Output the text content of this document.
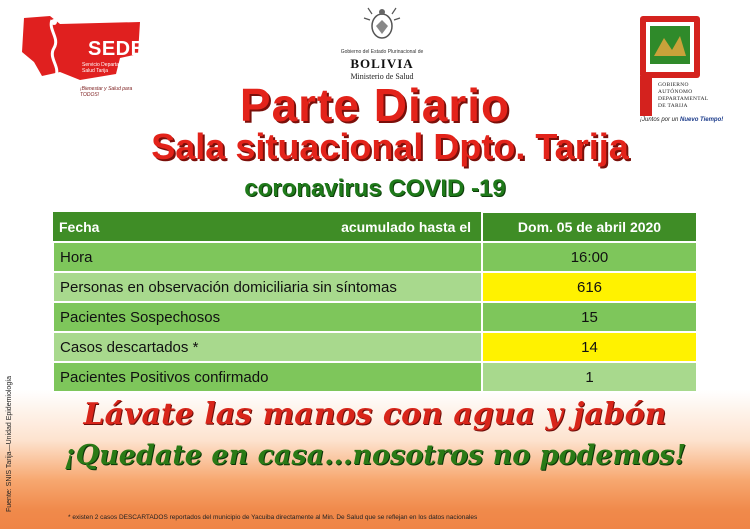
SEDES
Servicio Departamental de Salud Tarija
¡Bienestar y Salud para TODOS!
Gobierno del Estado Plurinacional de
BOLIVIA
Ministerio de Salud
GOBIERNO
AUTÓNOMO
DEPARTAMENTAL
DE TARIJA
¡Juntos por un Nuevo Tiempo!
Parte Diario
Sala situacional Dpto. Tarija
coronavirus COVID -19
Fecha	acumulado hasta el	Dom. 05 de abril 2020
Hora	16:00
Personas en observación domiciliaria sin síntomas	616
Pacientes Sospechosos	15
Casos descartados *	14
Pacientes Positivos confirmado	1
Lávate las manos con agua y jabón
¡Quedate en casa...nosotros no podemos!
* existen 2 casos DESCARTADOS reportados del municipio de Yacuiba directamente al Min. De Salud que se reflejan en los datos nacionales
Fuente: SNIS Tarija—Unidad Epidemiología
